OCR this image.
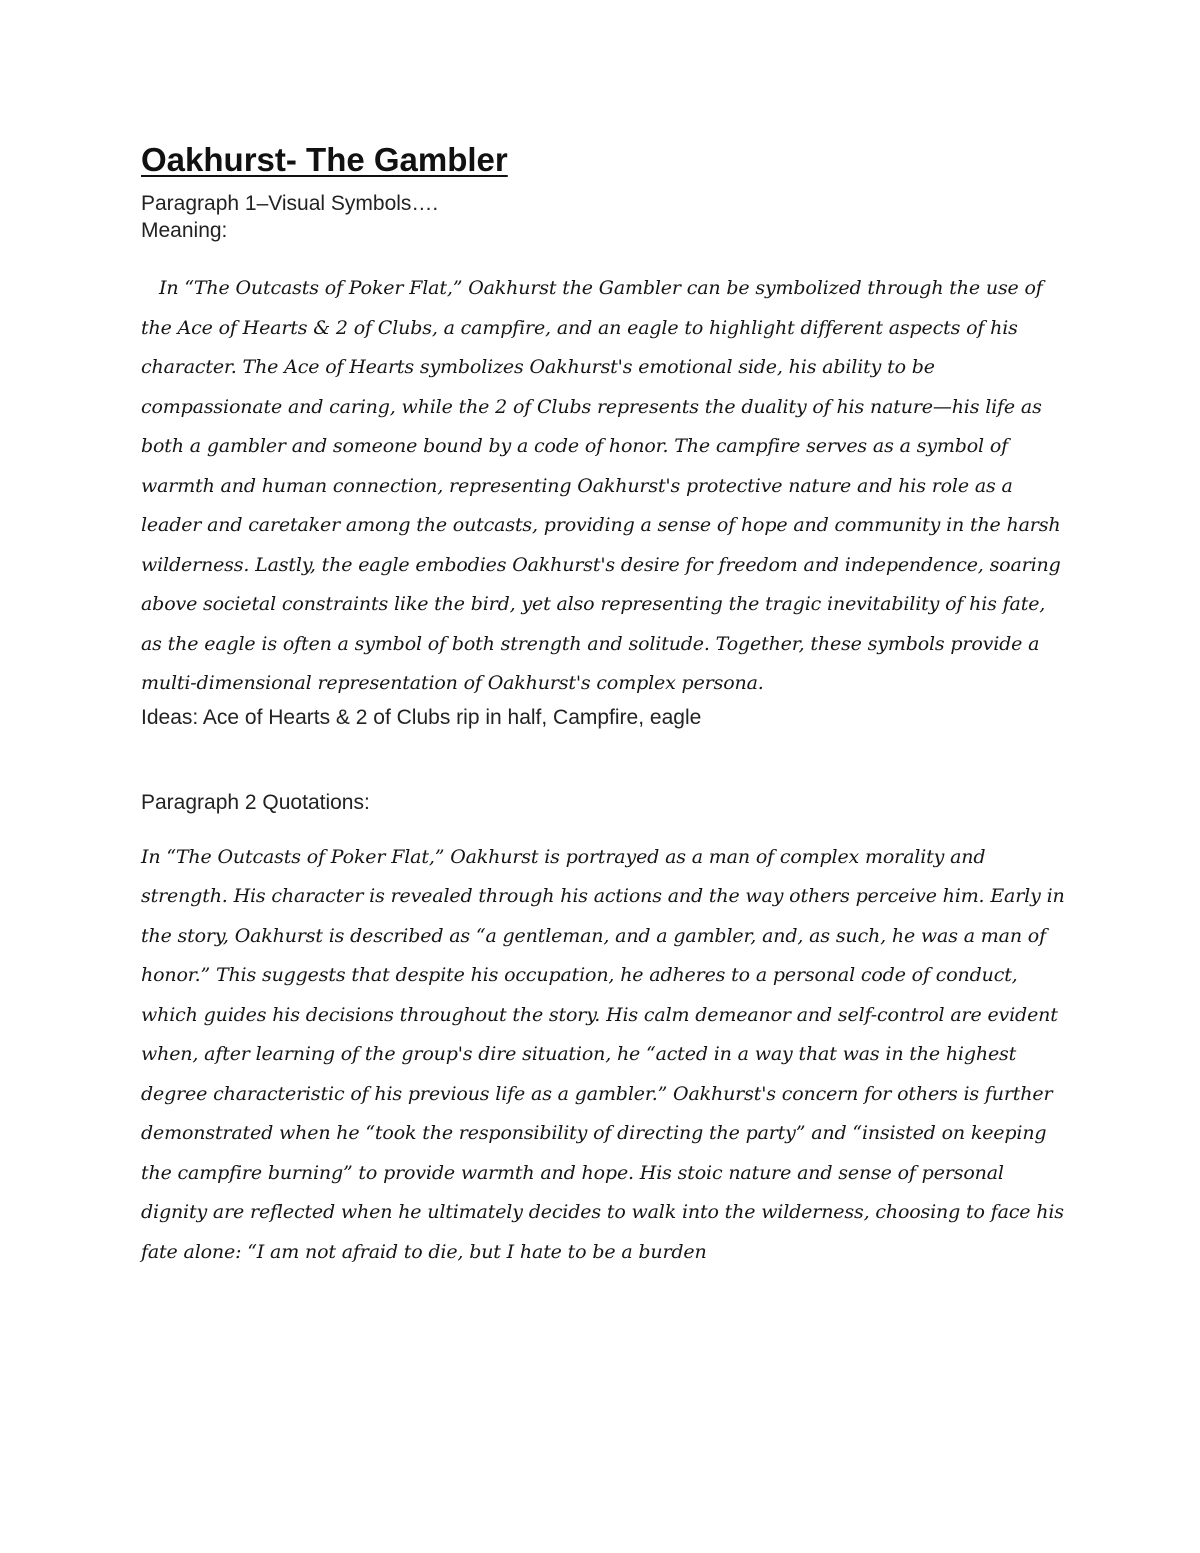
Oakhurst- The Gambler

Paragraph 1–Visual Symbols….

Meaning:

In “The Outcasts of Poker Flat,” Oakhurst the Gambler can be symbolized through the use of the Ace of Hearts & 2 of Clubs, a campfire, and an eagle to highlight different aspects of his character. The Ace of Hearts symbolizes Oakhurst's emotional side, his ability to be compassionate and caring, while the 2 of Clubs represents the duality of his nature—his life as both a gambler and someone bound by a code of honor. The campfire serves as a symbol of warmth and human connection, representing Oakhurst's protective nature and his role as a leader and caretaker among the outcasts, providing a sense of hope and community in the harsh wilderness. Lastly, the eagle embodies Oakhurst's desire for freedom and independence, soaring above societal constraints like the bird, yet also representing the tragic inevitability of his fate, as the eagle is often a symbol of both strength and solitude. Together, these symbols provide a multi-dimensional representation of Oakhurst's complex persona.

Ideas: Ace of Hearts & 2 of Clubs rip in half, Campfire, eagle

Paragraph 2 Quotations:

In “The Outcasts of Poker Flat,” Oakhurst is portrayed as a man of complex morality and strength. His character is revealed through his actions and the way others perceive him. Early in the story, Oakhurst is described as “a gentleman, and a gambler, and, as such, he was a man of honor.” This suggests that despite his occupation, he adheres to a personal code of conduct, which guides his decisions throughout the story. His calm demeanor and self-control are evident when, after learning of the group's dire situation, he “acted in a way that was in the highest degree characteristic of his previous life as a gambler.” Oakhurst's concern for others is further demonstrated when he “took the responsibility of directing the party” and “insisted on keeping the campfire burning” to provide warmth and hope. His stoic nature and sense of personal dignity are reflected when he ultimately decides to walk into the wilderness, choosing to face his fate alone: “I am not afraid to die, but I hate to be a burden
